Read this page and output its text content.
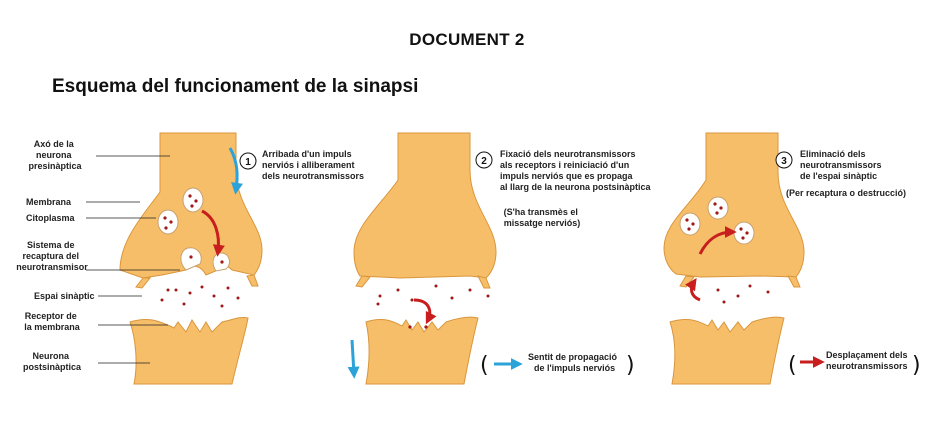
DOCUMENT 2
Esquema del funcionament de la sinapsi
Axó de la neurona presinàptica
Membrana
Citoplasma
Sistema de recaptura del neurotransmisor
Espai sinàptic
Receptor de la membrana
Neurona postsinàptica
1
Arribada d'un impuls nerviós i alliberament dels neurotransmissors
2
Fixació dels neurotransmissors als receptors i reiniciació d'un impuls nerviós que es propaga al llarg de la neurona postsinàptica
(S'ha transmès el missatge nerviós)
(	Sentit de propagació de l'impuls nerviós )
3
Eliminació dels neurotransmissors de l'espai sinàptic
(Per recaptura o destrucció)
(	Desplaçament dels neurotransmissors )
